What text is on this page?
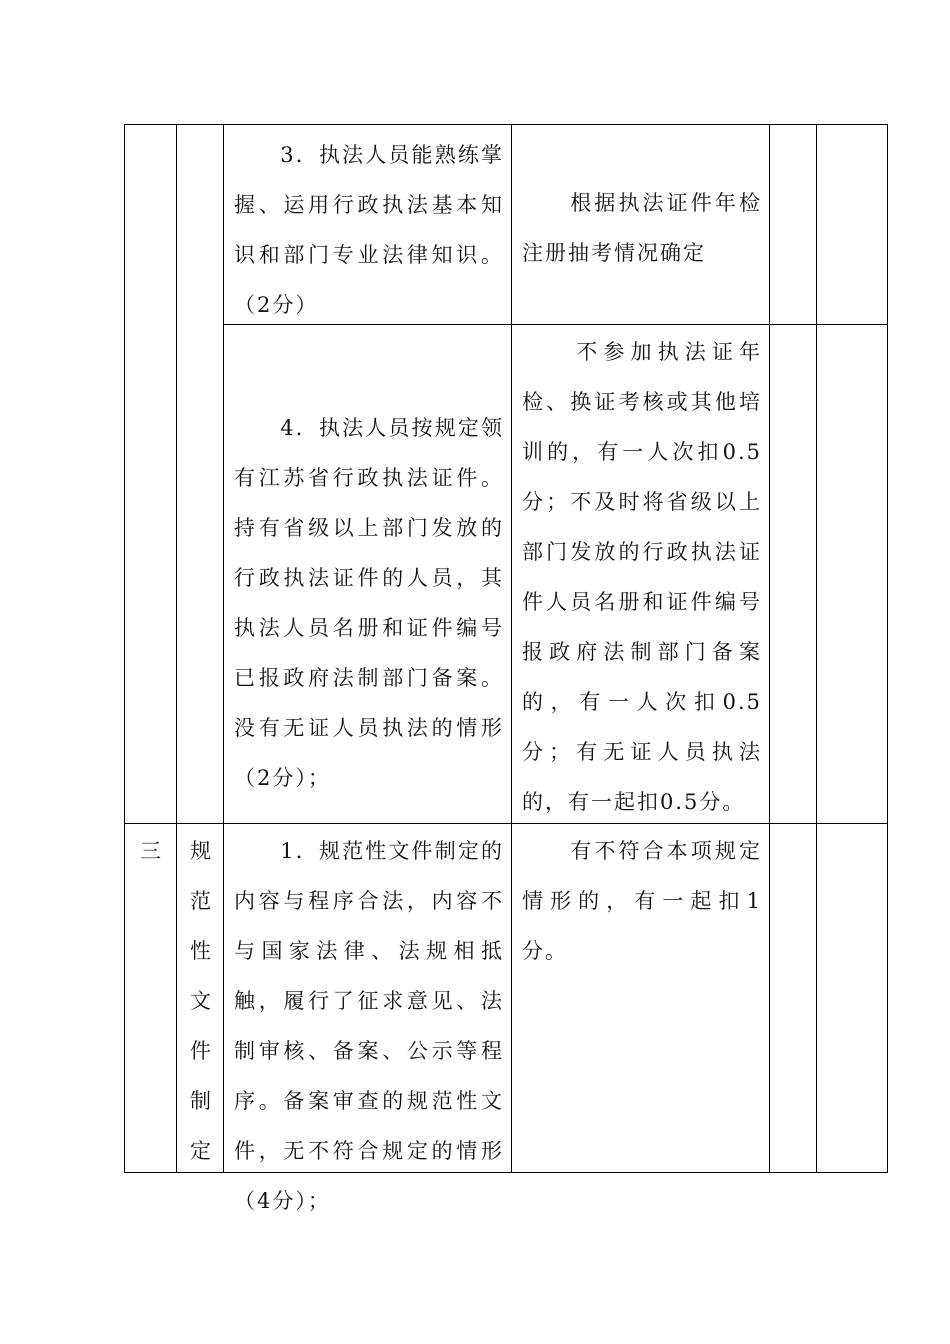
　　3．执法人员能熟练掌握、运用行政执法基本知识和部门专业法律知识。（2分）
　　根据执法证件年检注册抽考情况确定
　　4．执法人员按规定领有江苏省行政执法证件。持有省级以上部门发放的行政执法证件的人员，其执法人员名册和证件编号已报政府法制部门备案。没有无证人员执法的情形（2分）；
　　不参加执法证年检、换证考核或其他培训的，有一人次扣0.5分；不及时将省级以上部门发放的行政执法证件人员名册和证件编号报政府法制部门备案的，有一人次扣0.5分；有无证人员执法的，有一起扣0.5分。
三	规
范
性
文
件
制
定
　　1．规范性文件制定的内容与程序合法，内容不与国家法律、法规相抵触，履行了征求意见、法制审核、备案、公示等程序。备案审查的规范性文件，无不符合规定的情形（4分）；
　　有不符合本项规定情形的，有一起扣1分。
